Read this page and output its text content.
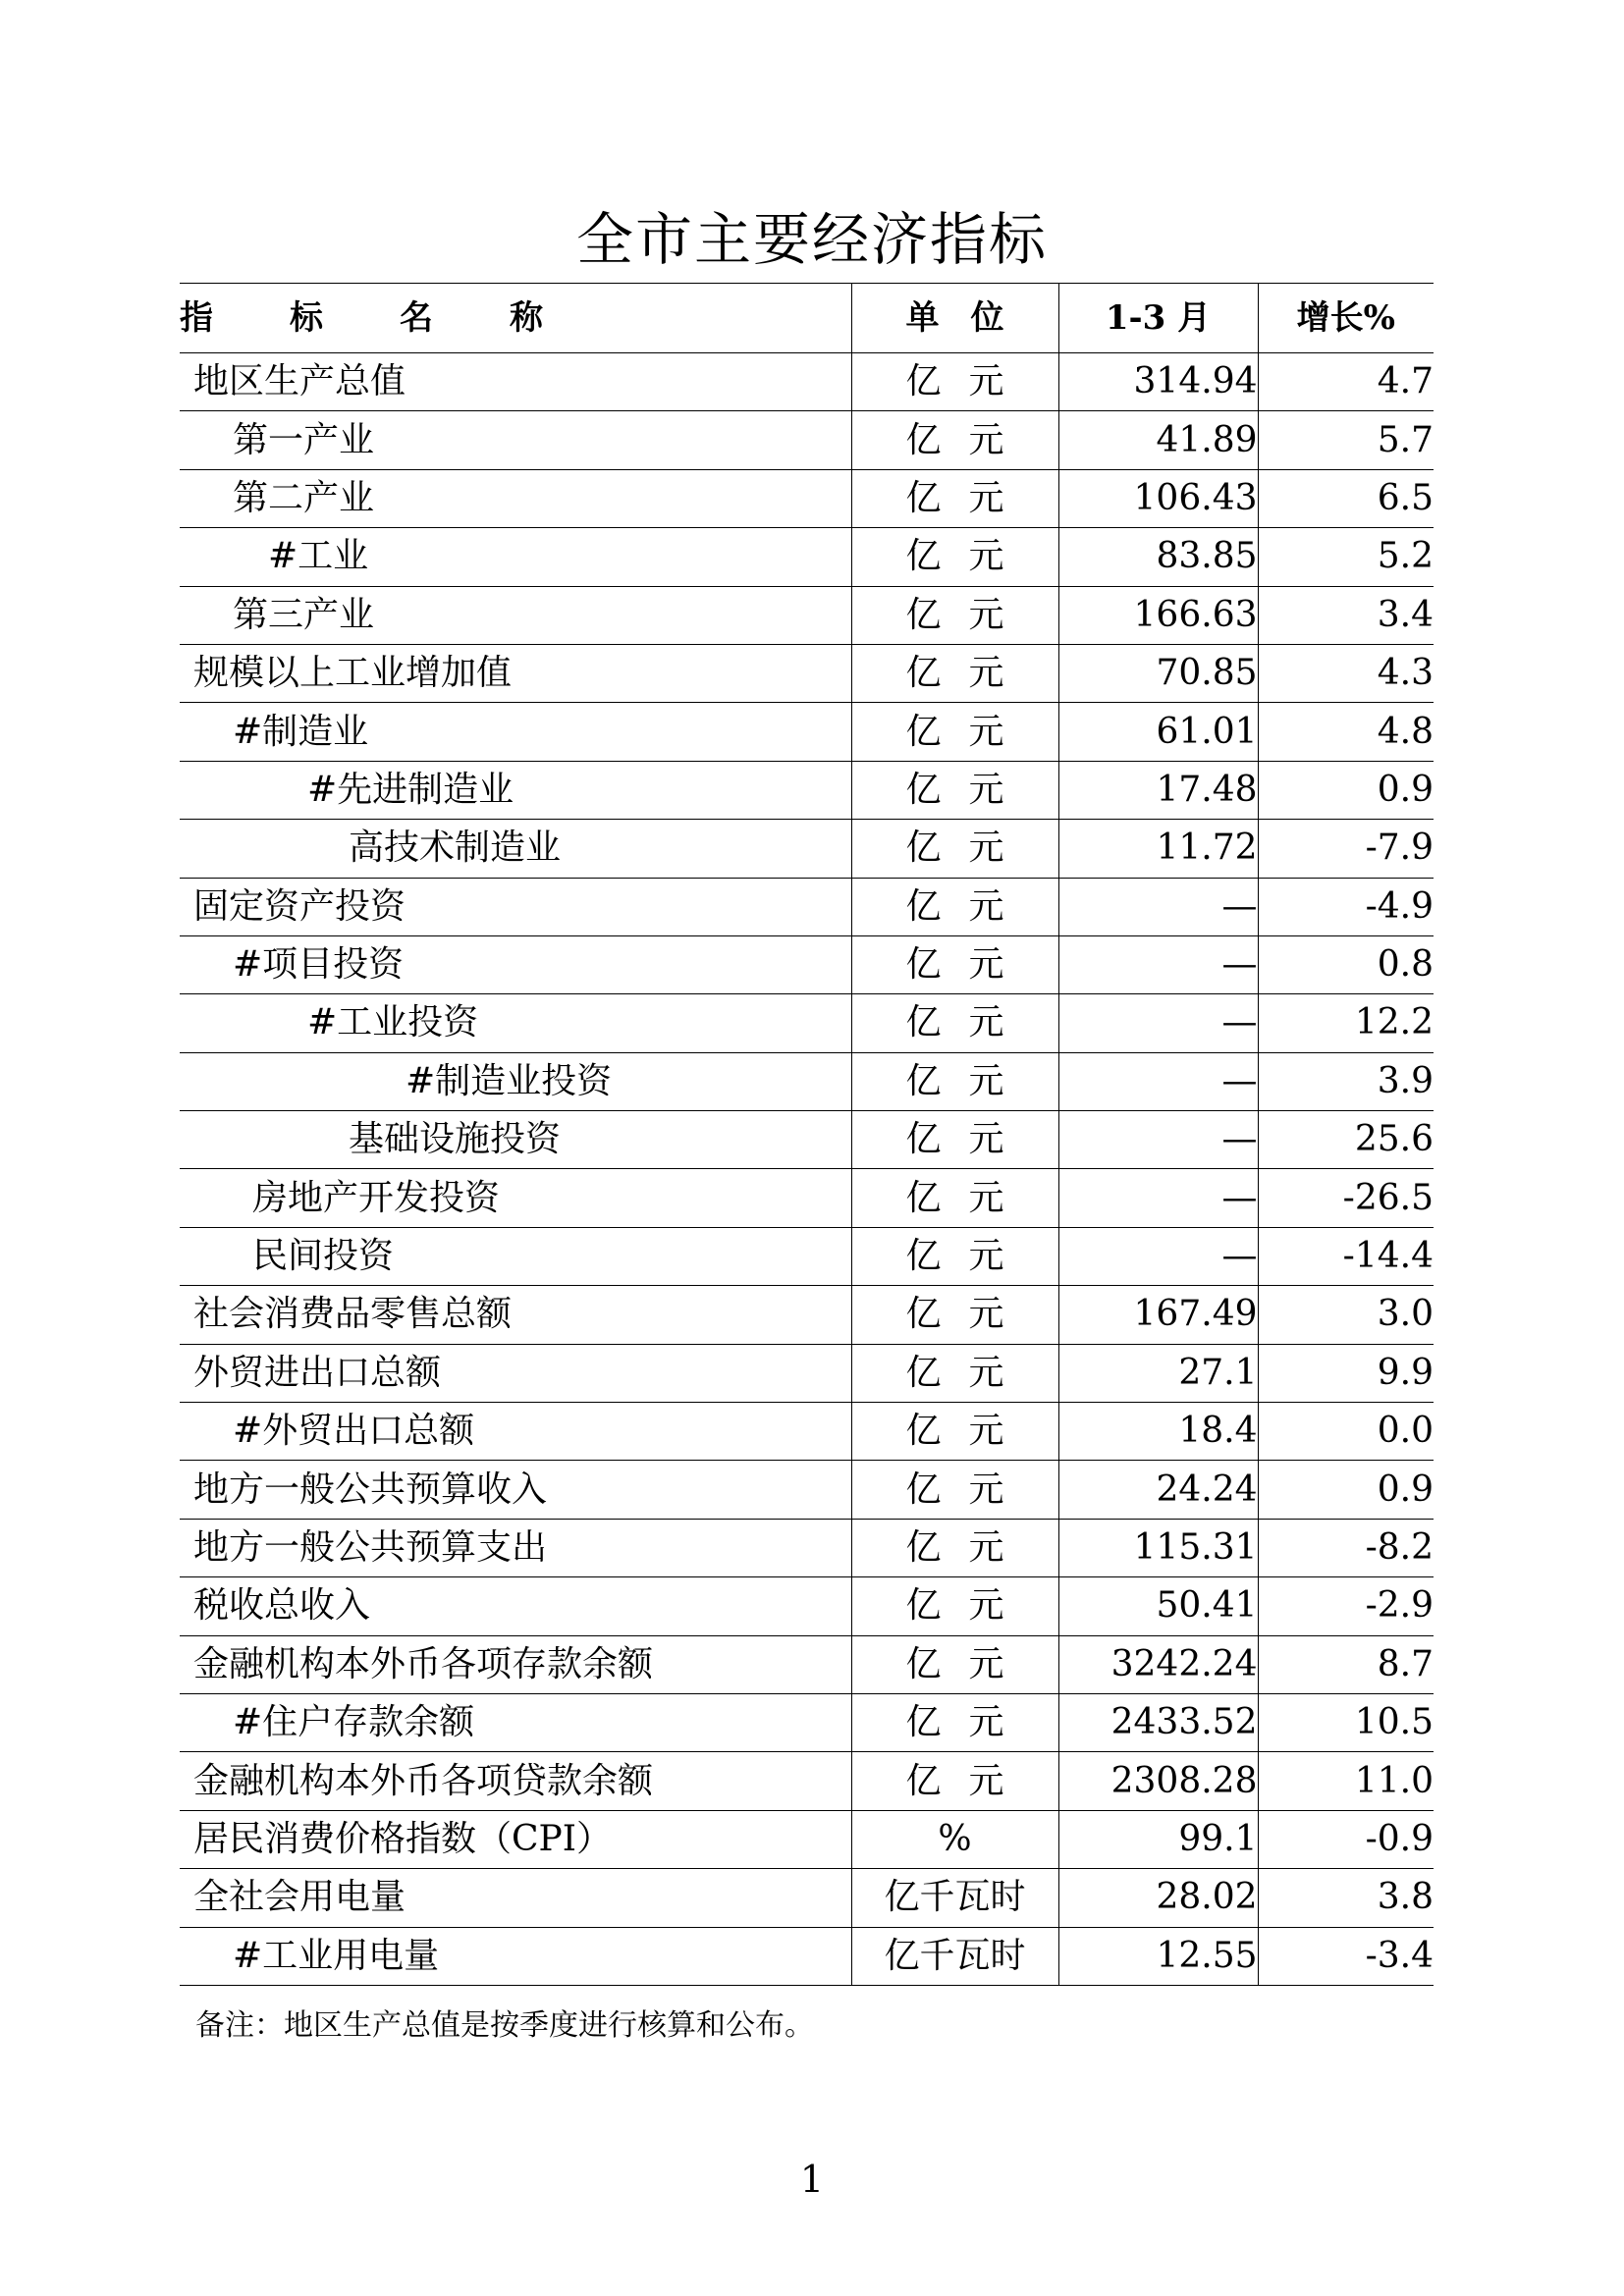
全市主要经济指标
指 标 名 称	单 位	1-3 月	增长%
地区生产总值	亿元	314.94	4.7
第一产业	亿元	41.89	5.7
第二产业	亿元	106.43	6.5
#工业	亿元	83.85	5.2
第三产业	亿元	166.63	3.4
规模以上工业增加值	亿元	70.85	4.3
#制造业	亿元	61.01	4.8
#先进制造业	亿元	17.48	0.9
高技术制造业	亿元	11.72	-7.9
固定资产投资	亿元	—	-4.9
#项目投资	亿元	—	0.8
#工业投资	亿元	—	12.2
#制造业投资	亿元	—	3.9
基础设施投资	亿元	—	25.6
房地产开发投资	亿元	—	-26.5
民间投资	亿元	—	-14.4
社会消费品零售总额	亿元	167.49	3.0
外贸进出口总额	亿元	27.1	9.9
#外贸出口总额	亿元	18.4	0.0
地方一般公共预算收入	亿元	24.24	0.9
地方一般公共预算支出	亿元	115.31	-8.2
税收总收入	亿元	50.41	-2.9
金融机构本外币各项存款余额	亿元	3242.24	8.7
#住户存款余额	亿元	2433.52	10.5
金融机构本外币各项贷款余额	亿元	2308.28	11.0
居民消费价格指数（CPI）	%	99.1	-0.9
全社会用电量	亿千瓦时	28.02	3.8
#工业用电量	亿千瓦时	12.55	-3.4
备注：地区生产总值是按季度进行核算和公布。
1
